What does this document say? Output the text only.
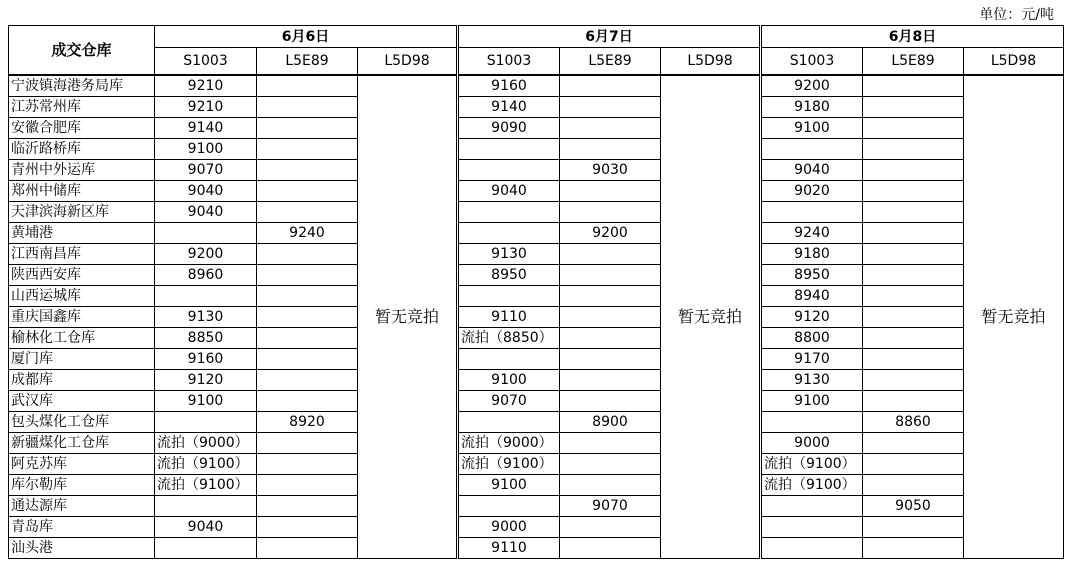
单位：元/吨
成交仓库	6月6日			6月7日			6月8日		
	S1003	L5E89	L5D98	S1003	L5E89	L5D98	S1003	L5E89	L5D98
宁波镇海港务局库	9210		暂无竞拍	9160		暂无竞拍	9200		暂无竞拍
江苏常州库	9210			9140			9180		
安徽合肥库	9140			9090			9100		
临沂路桥库	9100								
青州中外运库	9070				9030		9040		
郑州中储库	9040			9040			9020		
天津滨海新区库	9040								
黄埔港		9240			9200		9240		
江西南昌库	9200			9130			9180		
陕西西安库	8960			8950			8950		
山西运城库							8940		
重庆国鑫库	9130			9110			9120		
榆林化工仓库	8850			流拍（8850）			8800		
厦门库	9160						9170		
成都库	9120			9100			9130		
武汉库	9100			9070			9100		
包头煤化工仓库		8920			8900			8860	
新疆煤化工仓库	流拍（9000）			流拍（9000）			9000		
阿克苏库	流拍（9100）			流拍（9100）			流拍（9100）		
库尔勒库	流拍（9100）			9100			流拍（9100）		
通达源库					9070			9050	
青岛库	9040			9000					
汕头港				9110					
